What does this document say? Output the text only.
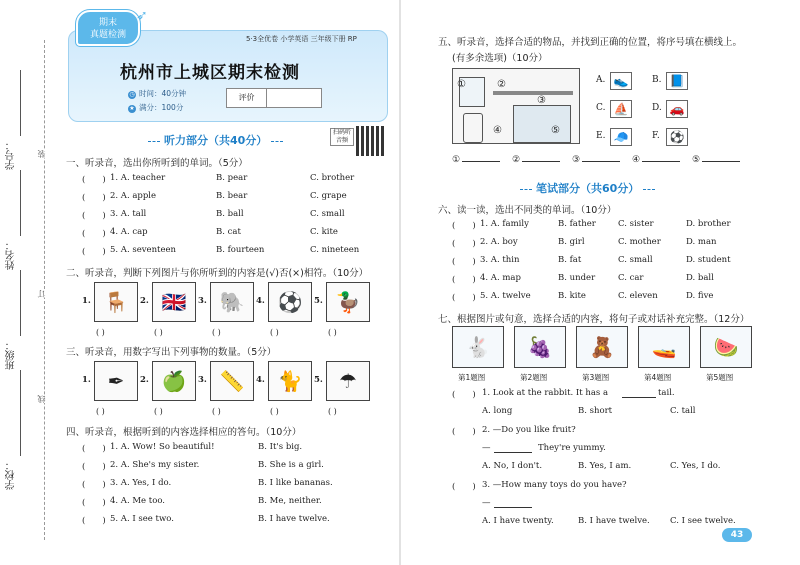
学号：
姓名：
班级：
学校：
装
订
线
期末
真题检测
➶
5·3全优卷 小学英语 三年级下册 RP
杭州市上城区期末检测
◷ 时间：40分钟
★ 满分：100分
评价
扫码听音频
听力部分（共40分）
一、听录音，选出你所听到的单词。（5分）
(　　) 1. A. teacher	B. pear	C. brother
(　　) 2. A. apple	B. bear	C. grape
(　　) 3. A. tall	B. ball	C. small
(　　) 4. A. cap	B. cat	C. kite
(　　) 5. A. seventeen	B. fourteen	C. nineteen
二、听录音，判断下列图片与你所听到的内容是(√)否(×)相符。（10分）
1. 🪑
( )
2. 🇬🇧
( )
3. 🐘
( )
4. ⚽
( )
5. 🦆
( )
三、听录音，用数字写出下列事物的数量。（5分）
1. ✒
( )
2. 🍏
( )
3. 📏
( )
4. 🐈
( )
5. ☂
( )
四、听录音，根据听到的内容选择相应的答句。（10分）
(　　) 1. A. Wow! So beautiful!	B. It's big.
(　　) 2. A. She's my sister.	B. She is a girl.
(　　) 3. A. Yes, I do.	B. I like bananas.
(　　) 4. A. Me too.	B. Me, neither.
(　　) 5. A. I see two.	B. I have twelve.
五、听录音，选择合适的物品，并找到正确的位置，将序号填在横线上。
(有多余选项)（10分）
①	②
③
④	⑤
A. 👟	B. 📘
C. ⛵	D. 🚗
E. 🧢	F. ⚽
①	②	③	④	⑤
笔试部分（共60分）
六、读一读，选出不同类的单词。（10分）
(　　) 1. A. family	B. father	C. sister	D. brother
(　　) 2. A. boy	B. girl	C. mother	D. man
(　　) 3. A. thin	B. fat	C. small	D. student
(　　) 4. A. map	B. under	C. car	D. ball
(　　) 5. A. twelve	B. kite	C. eleven	D. five
七、根据图片或句意，选择合适的内容，将句子或对话补充完整。（12分）
🐇
第1题图
🍇
第2题图
🧸
第3题图
🚤
第4题图
🍉
第5题图
(　　) 1. Look at the rabbit. It has a	tail.
A. long	B. short	C. tall
(　　) 2. —Do you like fruit?
—	They're yummy.
A. No, I don't.	B. Yes, I am.	C. Yes, I do.
(　　) 3. —How many toys do you have?
—
A. I have twenty.	B. I have twelve. C. I see twelve.
43
